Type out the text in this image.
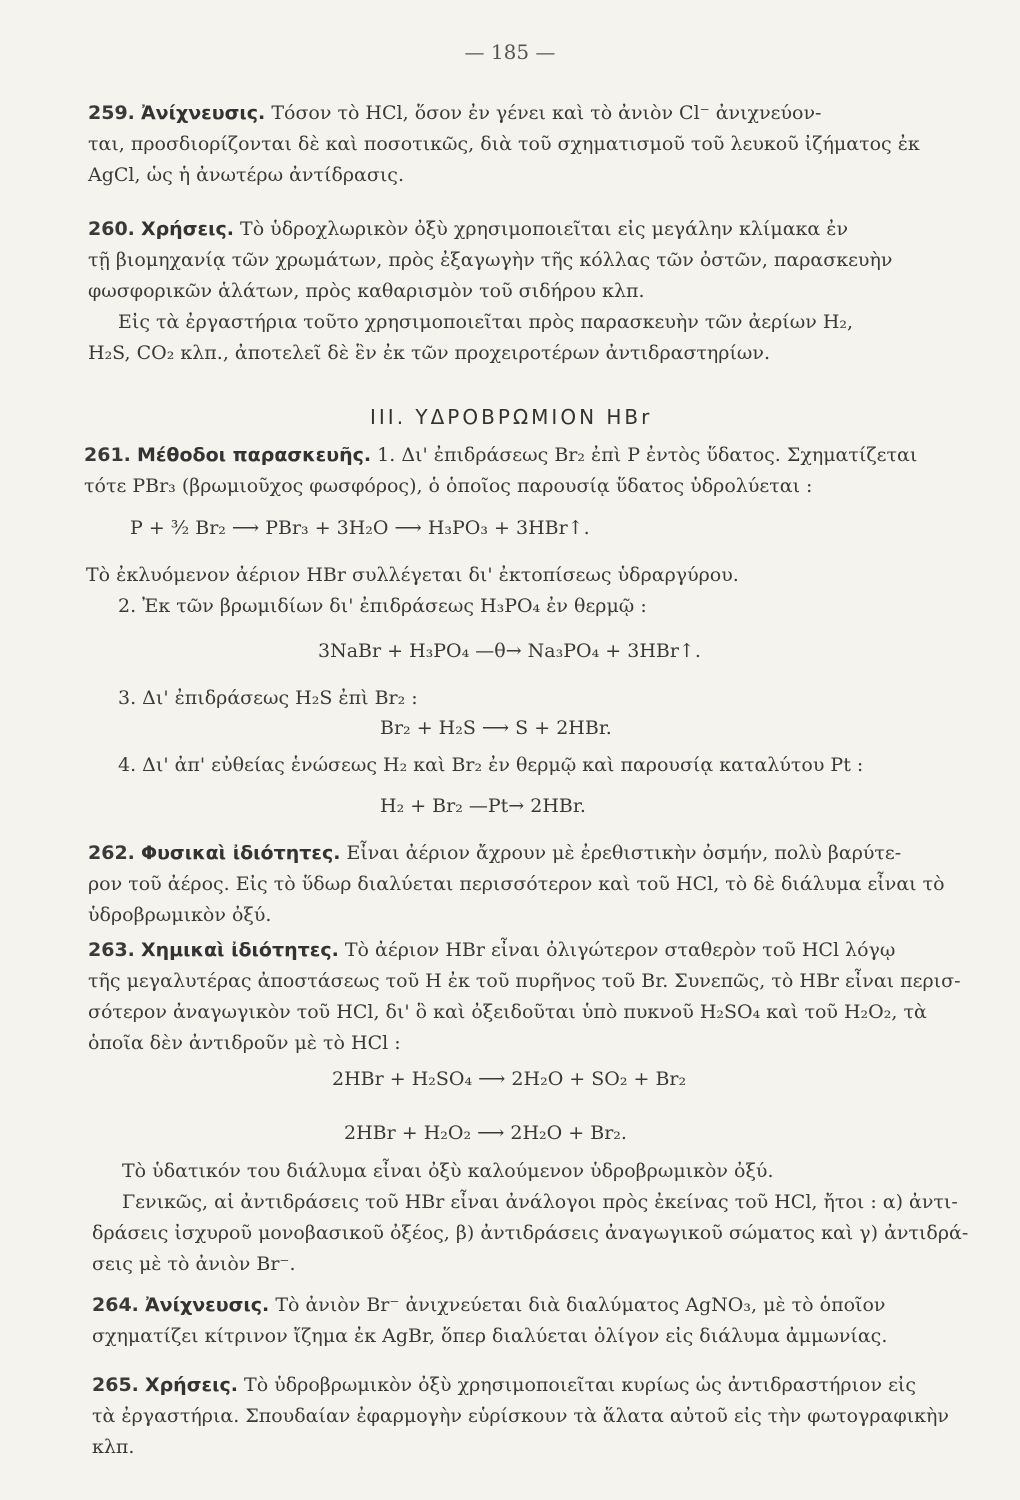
— 185 —
259. Ἀνίχνευσις. Τόσον τὸ HCl, ὅσον ἐν γένει καὶ τὸ ἀνιὸν Cl⁻ ἀνιχνεύον-
ται, προσδιορίζονται δὲ καὶ ποσοτικῶς, διὰ τοῦ σχηματισμοῦ τοῦ λευκοῦ ἰζήματος ἐκ
AgCl, ὡς ἡ ἀνωτέρω ἀντίδρασις.
260. Χρήσεις. Τὸ ὑδροχλωρικὸν ὀξὺ χρησιμοποιεῖται εἰς μεγάλην κλίμακα ἐν
τῇ βιομηχανίᾳ τῶν χρωμάτων, πρὸς ἐξαγωγὴν τῆς κόλλας τῶν ὀστῶν, παρασκευὴν
φωσφορικῶν ἁλάτων, πρὸς καθαρισμὸν τοῦ σιδήρου κλπ.
Εἰς τὰ ἐργαστήρια τοῦτο χρησιμοποιεῖται πρὸς παρασκευὴν τῶν ἀερίων H₂,
H₂S, CO₂ κλπ., ἀποτελεῖ δὲ ἓν ἐκ τῶν προχειροτέρων ἀντιδραστηρίων.
III. ΥΔΡΟΒΡΩΜΙΟΝ HBr
261. Μέθοδοι παρασκευῆς. 1. Δι' ἐπιδράσεως Br₂ ἐπὶ P ἐντὸς ὕδατος. Σχηματίζεται
τότε PBr₃ (βρωμιοῦχος φωσφόρος), ὁ ὁποῖος παρουσίᾳ ὕδατος ὑδρολύεται :
P + ³⁄₂ Br₂ ⟶ PBr₃ + 3H₂O ⟶ H₃PO₃ + 3HBr↑.
Τὸ ἐκλυόμενον ἀέριον HBr συλλέγεται δι' ἐκτοπίσεως ὑδραργύρου.
2. Ἐκ τῶν βρωμιδίων δι' ἐπιδράσεως H₃PO₄ ἐν θερμῷ :
3NaBr + H₃PO₄ —θ→ Na₃PO₄ + 3HBr↑.
3. Δι' ἐπιδράσεως H₂S ἐπὶ Br₂ :
Br₂ + H₂S ⟶ S + 2HBr.
4. Δι' ἀπ' εὐθείας ἑνώσεως H₂ καὶ Br₂ ἐν θερμῷ καὶ παρουσίᾳ καταλύτου Pt :
H₂ + Br₂ —Pt→ 2HBr.
262. Φυσικαὶ ἰδιότητες. Εἶναι ἀέριον ἄχρουν μὲ ἐρεθιστικὴν ὀσμήν, πολὺ βαρύτε-
ρον τοῦ ἀέρος. Εἰς τὸ ὕδωρ διαλύεται περισσότερον καὶ τοῦ HCl, τὸ δὲ διάλυμα εἶναι τὸ
ὑδροβρωμικὸν ὀξύ.
263. Χημικαὶ ἰδιότητες. Τὸ ἀέριον HBr εἶναι ὀλιγώτερον σταθερὸν τοῦ HCl λόγῳ
τῆς μεγαλυτέρας ἀποστάσεως τοῦ H ἐκ τοῦ πυρῆνος τοῦ Br. Συνεπῶς, τὸ HBr εἶναι περισ-
σότερον ἀναγωγικὸν τοῦ HCl, δι' ὃ καὶ ὀξειδοῦται ὑπὸ πυκνοῦ H₂SO₄ καὶ τοῦ H₂O₂, τὰ
ὁποῖα δὲν ἀντιδροῦν μὲ τὸ HCl :
2HBr + H₂SO₄ ⟶ 2H₂O + SO₂ + Br₂
2HBr + H₂O₂ ⟶ 2H₂O + Br₂.
Τὸ ὑδατικόν του διάλυμα εἶναι ὀξὺ καλούμενον ὑδροβρωμικὸν ὀξύ.
Γενικῶς, αἱ ἀντιδράσεις τοῦ HBr εἶναι ἀνάλογοι πρὸς ἐκείνας τοῦ HCl, ἤτοι : α) ἀντι-
δράσεις ἰσχυροῦ μονοβασικοῦ ὀξέος, β) ἀντιδράσεις ἀναγωγικοῦ σώματος καὶ γ) ἀντιδρά-
σεις μὲ τὸ ἀνιὸν Br⁻.
264. Ἀνίχνευσις. Τὸ ἀνιὸν Br⁻ ἀνιχνεύεται διὰ διαλύματος AgNO₃, μὲ τὸ ὁποῖον
σχηματίζει κίτρινον ἴζημα ἐκ AgBr, ὅπερ διαλύεται ὀλίγον εἰς διάλυμα ἀμμωνίας.
265. Χρήσεις. Τὸ ὑδροβρωμικὸν ὀξὺ χρησιμοποιεῖται κυρίως ὡς ἀντιδραστήριον εἰς
τὰ ἐργαστήρια. Σπουδαίαν ἐφαρμογὴν εὑρίσκουν τὰ ἅλατα αὐτοῦ εἰς τὴν φωτογραφικὴν κλπ.
